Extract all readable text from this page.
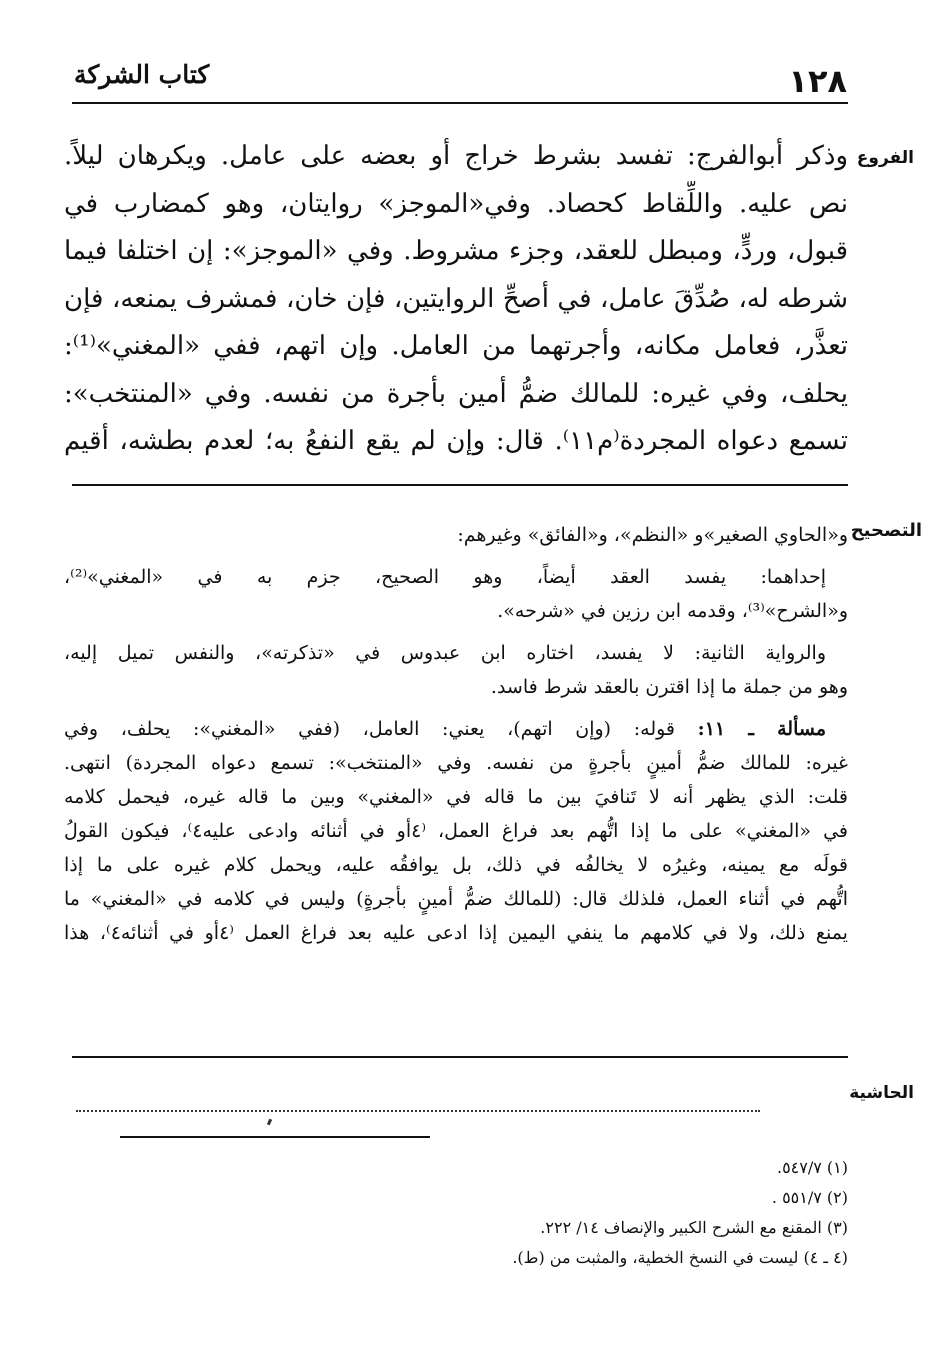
١٢٨
كتاب الشركة
الفروع
التصحيح
الحاشية
وذكر أبوالفرج: تفسد بشرط خراج أو بعضه على عامل. ويكرهان ليلاً.
نص عليه. واللِّقاط كحصاد. وفي«الموجز» روايتان، وهو كمضارب في
قبول، وردٍّ، ومبطل للعقد، وجزء مشروط. وفي «الموجز»: إن اختلفا فيما
شرطه له، صُدِّقَ عامل، في أصحِّ الروايتين، فإن خان، فمشرف يمنعه، فإن
تعذَّر، فعامل مكانه، وأجرتهما من العامل. وإن اتهم، ففي «المغني»⁽¹⁾:
يحلف، وفي غيره: للمالك ضمُّ أمين بأجرة من نفسه. وفي «المنتخب»:
تسمع دعواه المجردة⁽م١١⁾. قال: وإن لم يقع النفعُ به؛ لعدم بطشه، أقيم
و«الحاوي الصغير»و «النظم»، و«الفائق» وغيرهم:
إحداهما: يفسد العقد أيضاً، وهو الصحيح، جزم به في «المغني»⁽²⁾،
و«الشرح»⁽³⁾، وقدمه ابن رزين في «شرحه».
والرواية الثانية: لا يفسد، اختاره ابن عبدوس في «تذكرته»، والنفس تميل إليه،
وهو من جملة ما إذا اقترن بالعقد شرط فاسد.
مسألة ـ ١١: قوله: (وإن اتهم)، يعني: العامل، (ففي «المغني»: يحلف، وفي
غيره: للمالك ضمُّ أمينٍ بأجرةٍ من نفسه. وفي «المنتخب»: تسمع دعواه المجردة) انتهى.
قلت: الذي يظهر أنه لا تَنافيَ بين ما قاله في «المغني» وبين ما قاله غيره، فيحمل كلامه
في «المغني» على ما إذا اتُّهم بعد فراغ العمل، ⁽٤أو في أثنائه وادعى عليه٤⁾، فيكون القولُ
قولَه مع يمينه، وغيرُه لا يخالفُه في ذلك، بل يوافقُه عليه، ويحمل كلام غيره على ما إذا
اتُّهم في أثناء العمل، فلذلك قال: (للمالك ضمُّ أمينٍ بأجرةٍ) وليس في كلامه في «المغني» ما
يمنع ذلك، ولا في كلامهم ما ينفي اليمين إذا ادعى عليه بعد فراغ العمل ⁽٤أو في أثنائه٤⁾، هذا
(١) ٥٤٧/٧.
(٢) ٥٥١/٧ .
(٣) المقنع مع الشرح الكبير والإنصاف ١٤/ ٢٢٢.
(٤ ـ ٤) ليست في النسخ الخطية، والمثبت من (ط).
